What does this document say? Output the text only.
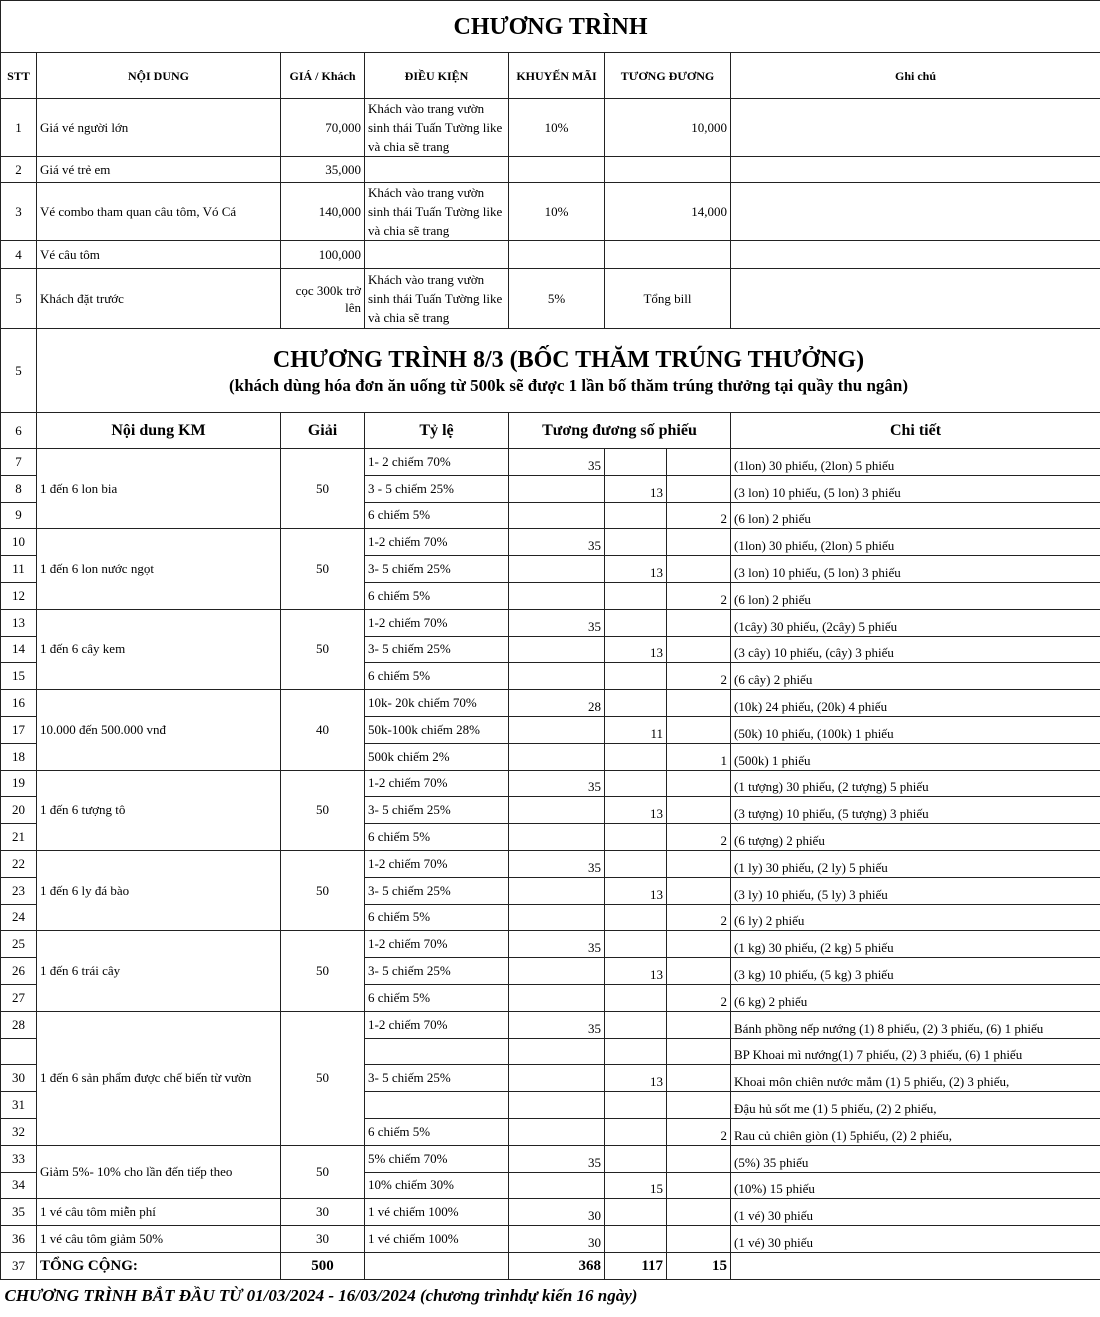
CHƯƠNG TRÌNH							
STT	NỘI DUNG	GIÁ / Khách	ĐIỀU KIỆN	KHUYẾN MÃI	TƯƠNG ĐƯƠNG		Ghi chú
1	Giá vé người lớn	70,000	Khách vào trang vườn sinh thái Tuấn Tường like và chia sẽ trang	10%	10,000		
2	Giá vé trẻ em	35,000					
3	Vé combo tham quan câu tôm, Vó Cá	140,000	Khách vào trang vườn sinh thái Tuấn Tường like và chia sẽ trang	10%	14,000		
4	Vé câu tôm	100,000					
5	Khách đặt trước	cọc 300k trở lên	Khách vào trang vườn sinh thái Tuấn Tường like và chia sẽ trang	5%	Tổng bill		
5	CHƯƠNG TRÌNH 8/3 (BỐC THĂM TRÚNG THƯỞNG)
(khách dùng hóa đơn ăn uống từ 500k sẽ được 1 lần bố thăm trúng thưởng tại quầy thu ngân)						

6	Nội dung KM	Giải	Tỷ lệ	Tương đương số phiếu			Chi tiết
7	1 đến 6 lon bia	50	1- 2 chiếm 70%	35			(1lon) 30 phiếu, (2lon) 5 phiếu
8			3 - 5 chiếm 25%		13		(3 lon) 10 phiếu, (5 lon) 3 phiếu
9			6 chiếm 5%			2	(6 lon) 2 phiếu
10	1 đến 6 lon nước ngọt	50	1-2 chiếm 70%	35			(1lon) 30 phiếu, (2lon) 5 phiếu
11			3- 5 chiếm 25%		13		(3 lon) 10 phiếu, (5 lon) 3 phiếu
12			6 chiếm 5%			2	(6 lon) 2 phiếu
13	1 đến 6 cây kem	50	1-2 chiếm 70%	35			(1cây) 30 phiếu, (2cây) 5 phiếu
14			3- 5 chiếm 25%		13		(3 cây) 10 phiếu, (cây) 3 phiếu
15			6 chiếm 5%			2	(6 cây) 2 phiếu
16	10.000 đến 500.000 vnđ	40	10k- 20k chiếm 70%	28			(10k) 24 phiếu, (20k) 4 phiếu
17			50k-100k chiếm 28%		11		(50k) 10 phiếu, (100k) 1 phiếu
18			500k chiếm 2%			1	(500k) 1 phiếu
19	1 đến 6 tượng tô	50	1-2 chiếm 70%	35			(1 tượng) 30 phiếu, (2 tượng) 5 phiếu
20			3- 5 chiếm 25%		13		(3 tượng) 10 phiếu, (5 tượng) 3 phiếu
21			6 chiếm 5%			2	(6 tượng) 2 phiếu
22	1 đến 6 ly đá bào	50	1-2 chiếm 70%	35			(1 ly) 30 phiếu, (2 ly) 5 phiếu
23			3- 5 chiếm 25%		13		(3 ly) 10 phiếu, (5 ly) 3 phiếu
24			6 chiếm 5%			2	(6 ly) 2 phiếu
25	1 đến 6 trái cây	50	1-2 chiếm 70%	35			(1 kg) 30 phiếu, (2 kg) 5 phiếu
26			3- 5 chiếm 25%		13		(3 kg) 10 phiếu, (5 kg) 3 phiếu
27			6 chiếm 5%			2	(6 kg) 2 phiếu
28	1 đến 6 sản phẩm được chế biến từ vườn	50	1-2 chiếm 70%	35			Bánh phồng nếp nướng (1) 8 phiếu, (2) 3 phiếu, (6) 1 phiếu
							BP Khoai mì nướng(1) 7 phiếu, (2) 3 phiếu, (6) 1 phiếu
30			3- 5 chiếm 25%		13		Khoai môn chiên nước mắm (1) 5 phiếu, (2) 3 phiếu,
31							Đậu hủ sốt me (1) 5 phiếu, (2) 2 phiếu,
32			6 chiếm 5%			2	Rau củ chiên giòn (1) 5phiếu, (2) 2 phiếu,
33	Giảm 5%- 10% cho lần đến tiếp theo	50	5% chiếm 70%	35			(5%) 35 phiếu
34			10% chiếm 30%		15		(10%) 15 phiếu
35	1 vé câu tôm miễn phí	30	1 vé chiếm 100%	30			(1 vé) 30 phiếu
36	1 vé câu tôm giảm 50%	30	1 vé chiếm 100%	30			(1 vé) 30 phiếu
37	TỔNG CỘNG:	500		368	117	15	
CHƯƠNG TRÌNH BẮT ĐẦU TỪ 01/03/2024 - 16/03/2024 (chương trìnhdự kiến 16 ngày)							
